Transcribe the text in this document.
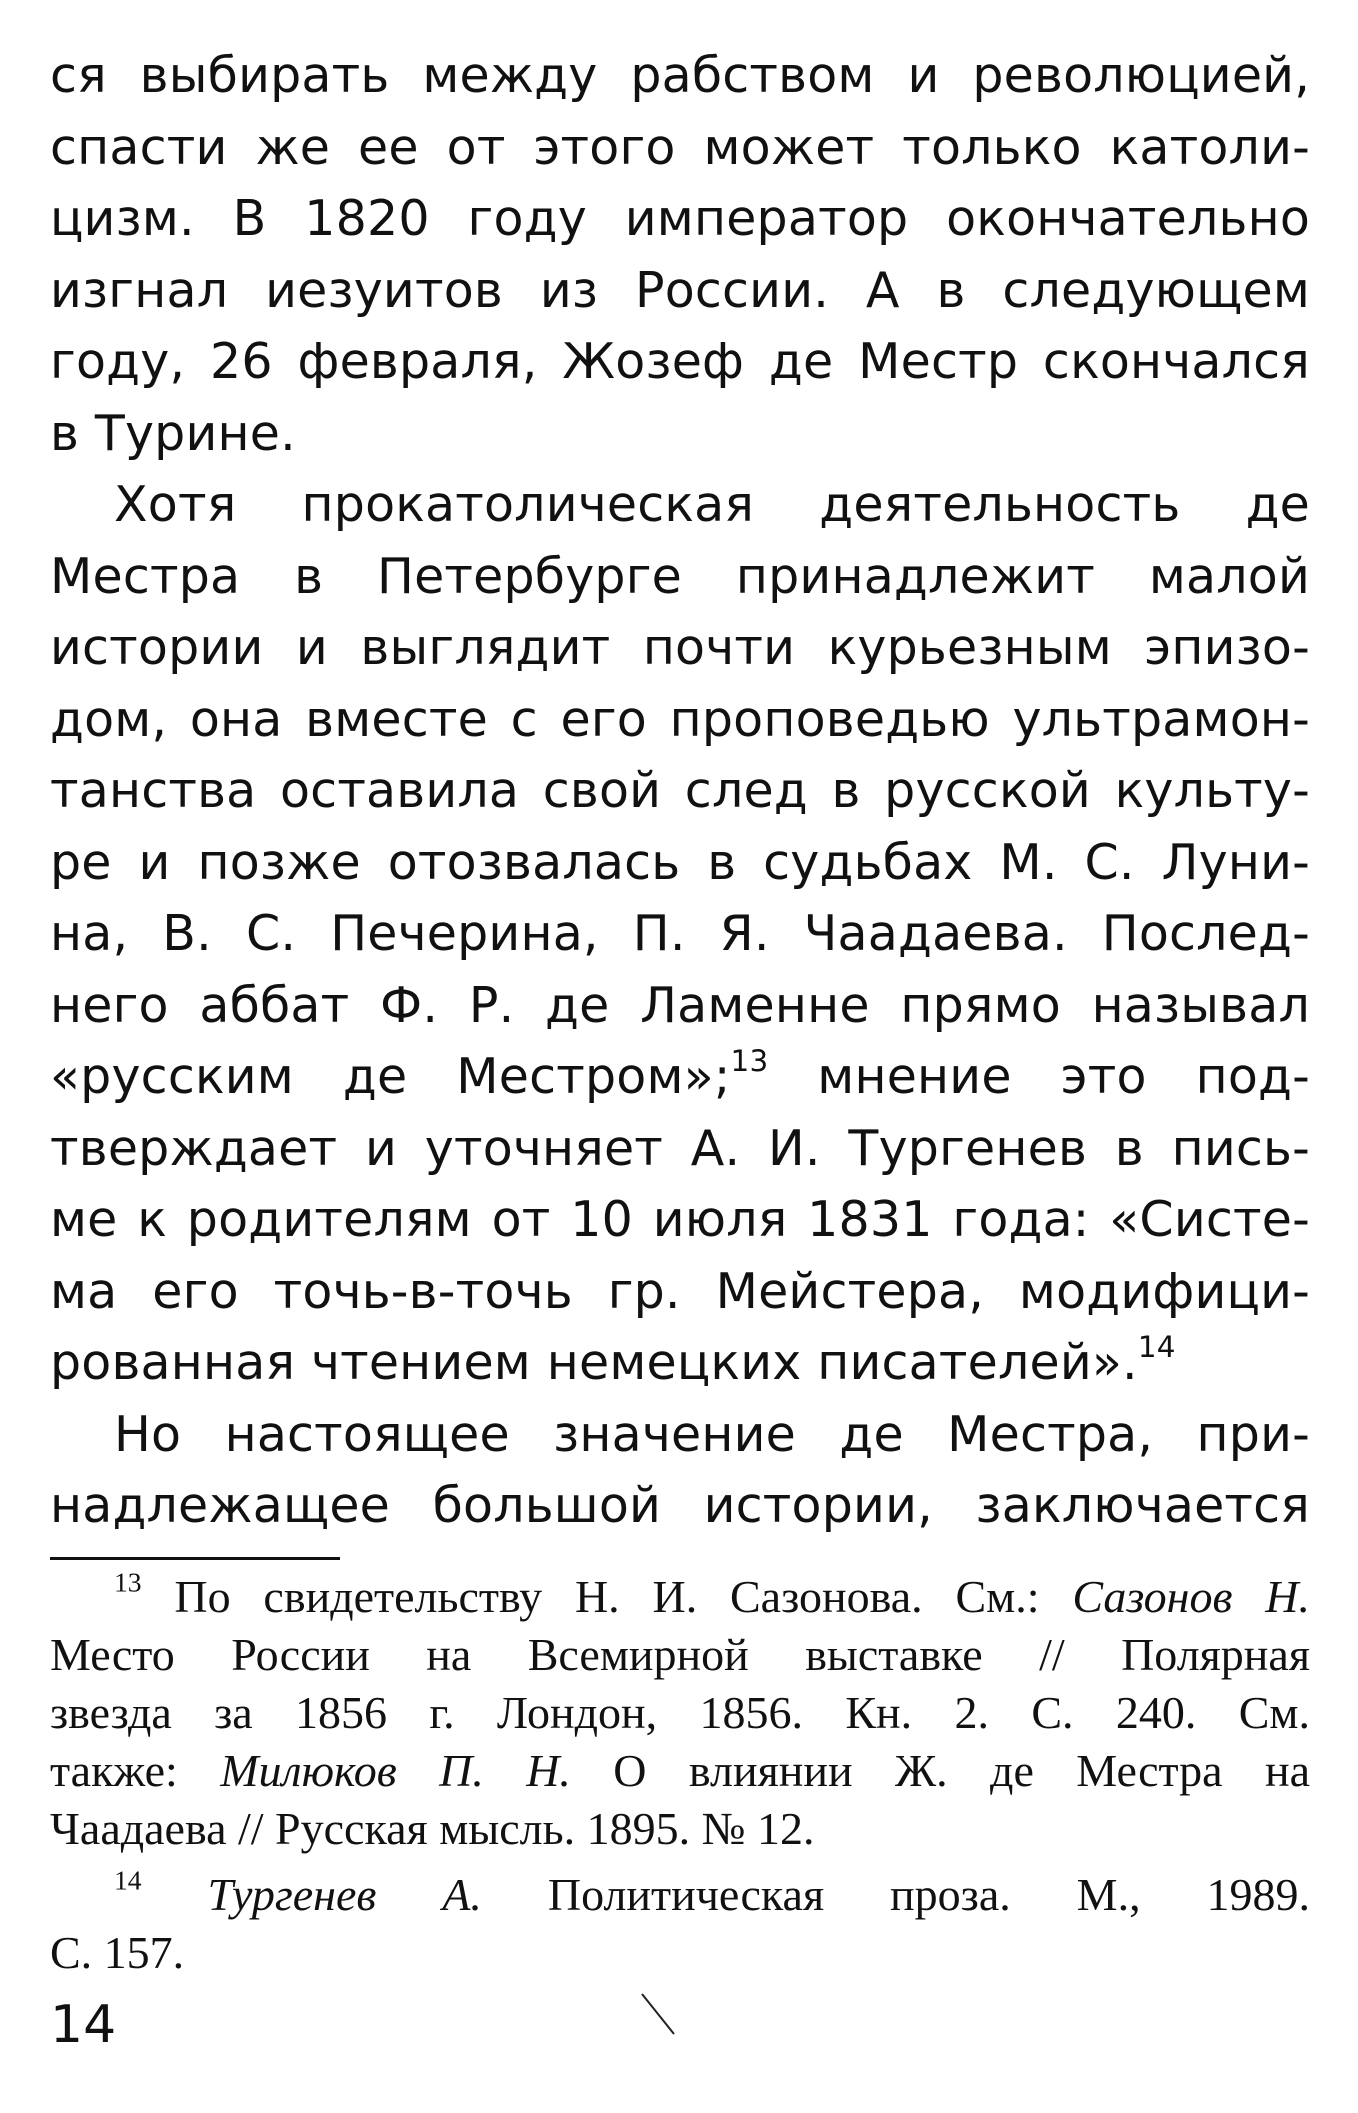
ся выбирать между рабством и революцией,
спасти же ее от этого может только католи-
цизм. В 1820 году император окончательно
изгнал иезуитов из России. А в следующем
году, 26 февраля, Жозеф де Местр скончался
в Турине.
Хотя прокатолическая деятельность де
Местра в Петербурге принадлежит малой
истории и выглядит почти курьезным эпизо-
дом, она вместе с его проповедью ультрамон-
танства оставила свой след в русской культу-
ре и позже отозвалась в судьбах М. С. Луни-
на, В. С. Печерина, П. Я. Чаадаева. Послед-
него аббат Ф. Р. де Ламенне прямо называл
«русским де Местром»;$^{13}$ мнение это под-
тверждает и уточняет А. И. Тургенев в пись-
ме к родителям от 10 июля 1831 года: «Систе-
ма его точь-в-точь гр. Мейстера, модифици-
рованная чтением немецких писателей».$^{14}$
Но настоящее значение де Местра, при-
надлежащее большой истории, заключается
$^{13}$ По свидетельству Н. И. Сазонова. См.: Сазонов Н.
Место России на Всемирной выставке // Полярная
звезда за 1856 г. Лондон, 1856. Кн. 2. С. 240. См.
также: Милюков П. Н. О влиянии Ж. де Местра на
Чаадаева // Русская мысль. 1895. № 12.
$^{14}$ Тургенев А. Политическая проза. М., 1989.
С. 157.
14
